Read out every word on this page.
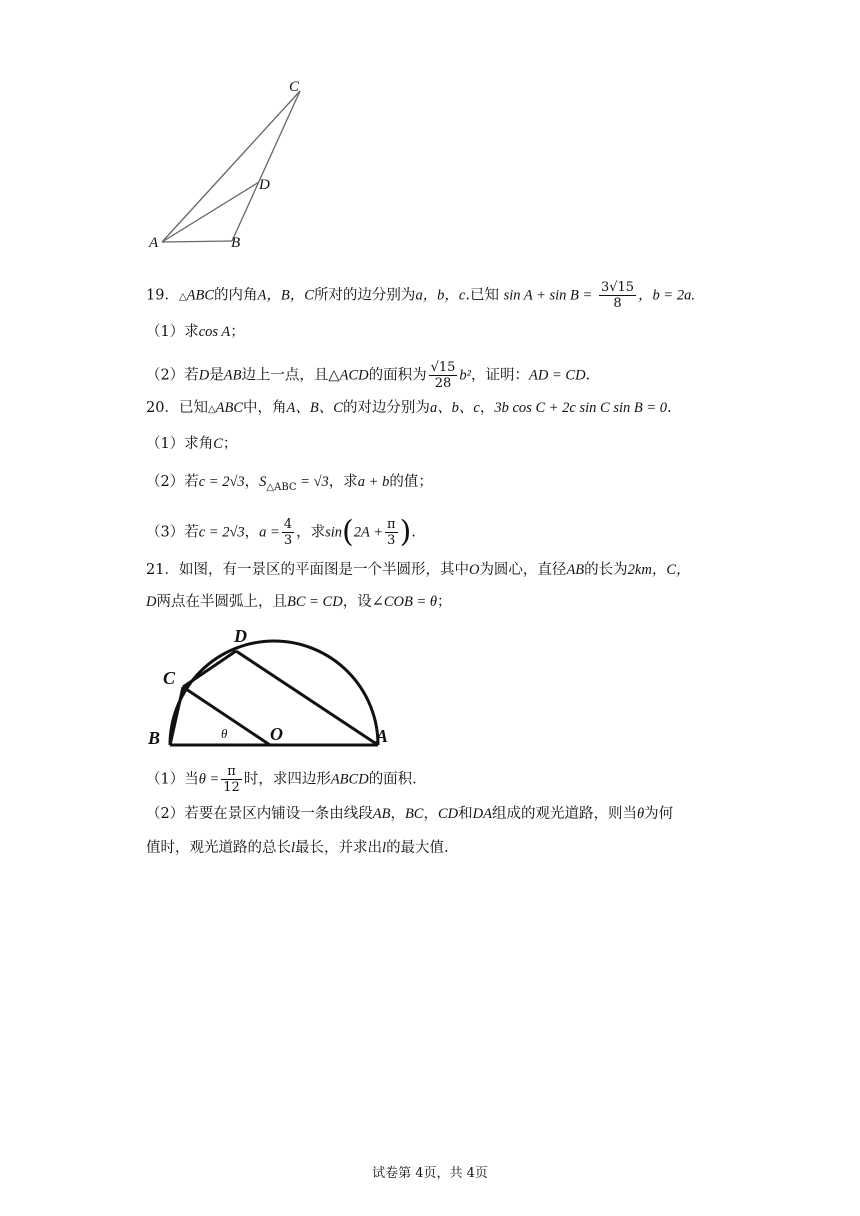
C
D
A	B
19．△ABC的内角A，B，C所对的边分别为a，b，c.已知 $\sin A + \sin B = \frac{3√15}{8}$ ，b = 2a.
（1）求cos A；
（2）若D是AB边上一点，且△ACD的面积为 $\frac{√15}{28} b^2$，证明：AD = CD.
20．已知△ABC中，角A、B、C的对边分别为a、b、c，3b cos C + 2c sin C sin B = 0.
（1）求角C；
（2）若c = 2√3，$S_{\triangle ABC} = √3$，求a + b的值；
（3）若c = 2√3，$a = \frac{4}{3}$ ，求$\sin(2A + \frac{\pi}{3}$ ).
21．如图，有一景区的平面图是一个半圆形，其中O为圆心，直径AB的长为2km，C，
D两点在半圆弧上，且BC = CD，设∠COB = θ；
D
C
B	O	A
θ
（1）当$\theta = \frac{\pi}{12}$ 时，求四边形ABCD的面积.
（2）若要在景区内铺设一条由线段AB，BC，CD和DA组成的观光道路，则当θ为何
值时，观光道路的总长l最长，并求出l的最大值.
试卷第 4页，共 4页
